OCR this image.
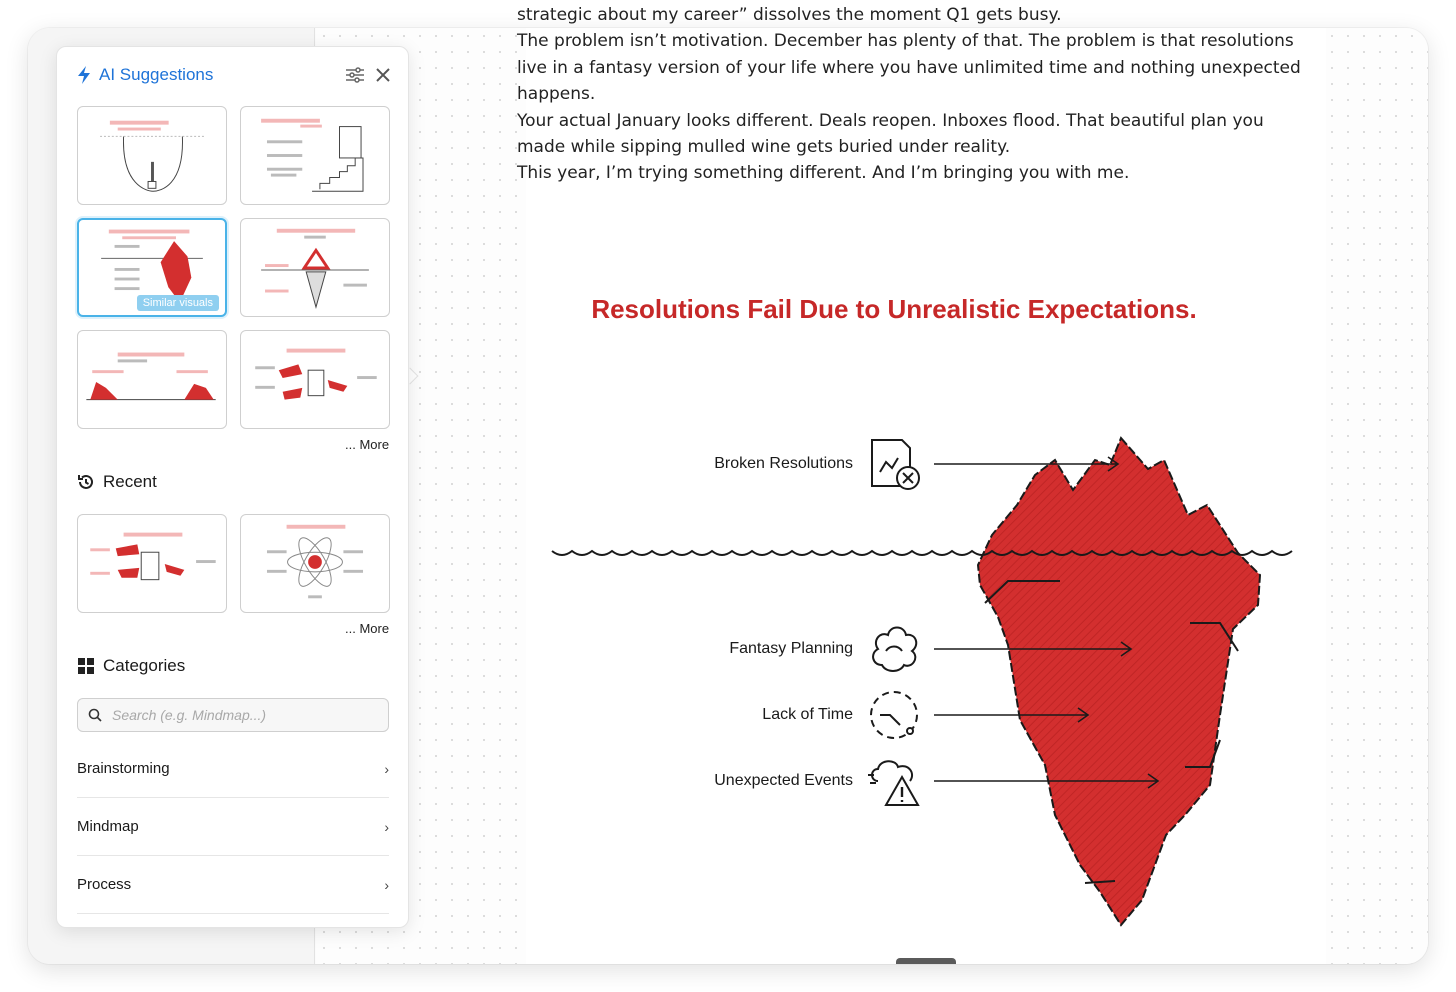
strategic about my career” dissolves the moment Q1 gets busy.

The problem isn’t motivation. December has plenty of that. The problem is that resolutions

live in a fantasy version of your life where you have unlimited time and nothing unexpected

happens.

Your actual January looks different. Deals reopen. Inboxes flood. That beautiful plan you

made while sipping mulled wine gets buried under reality.

This year, I’m trying something different. And I’m bringing you with me.

Resolutions Fail Due to Unrealistic Expectations.
Broken Resolutions
Fantasy Planning
Lack of Time
Unexpected Events
AI Suggestions
Similar visuals
... More
Recent
... More
Categories
Search (e.g. Mindmap...)
Brainstorming	›
Mindmap	›
Process	›
